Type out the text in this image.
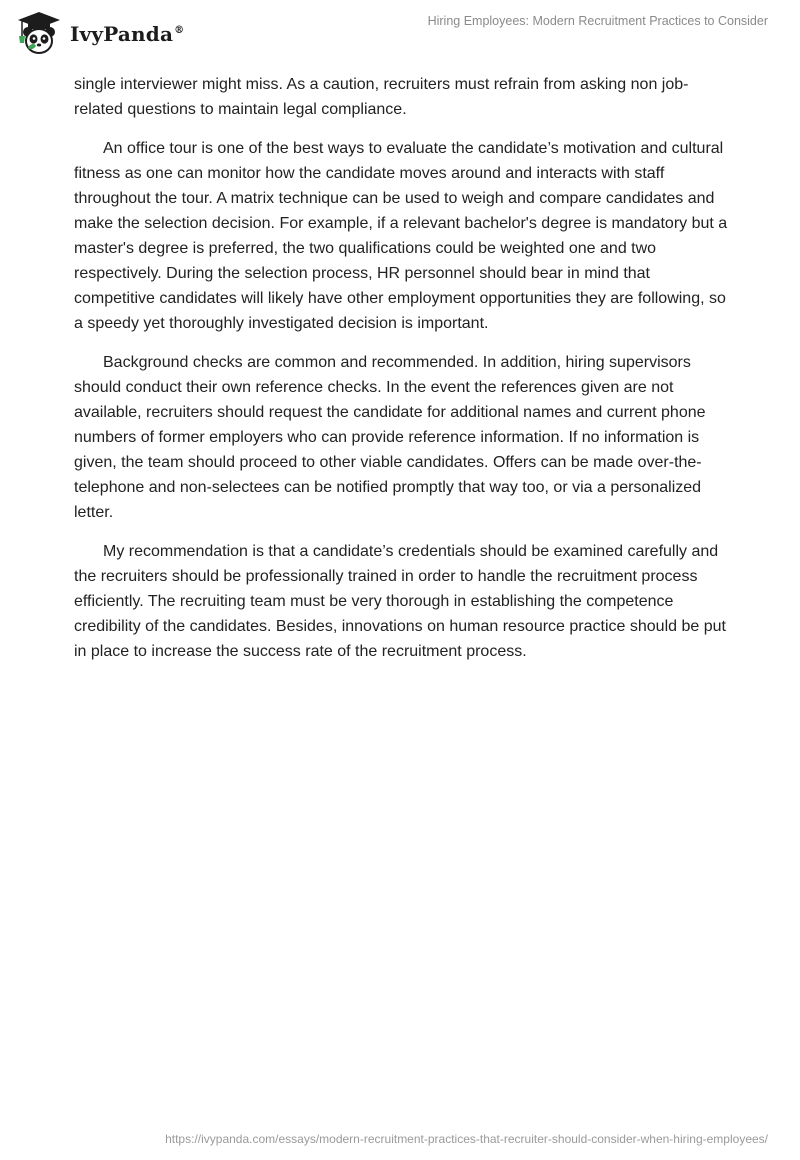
IvyPanda®
Hiring Employees: Modern Recruitment Practices to Consider

single interviewer might miss. As a caution, recruiters must refrain from asking non job-related questions to maintain legal compliance.

An office tour is one of the best ways to evaluate the candidate’s motivation and cultural fitness as one can monitor how the candidate moves around and interacts with staff throughout the tour. A matrix technique can be used to weigh and compare candidates and make the selection decision. For example, if a relevant bachelor's degree is mandatory but a master's degree is preferred, the two qualifications could be weighted one and two respectively. During the selection process, HR personnel should bear in mind that competitive candidates will likely have other employment opportunities they are following, so a speedy yet thoroughly investigated decision is important.

Background checks are common and recommended. In addition, hiring supervisors should conduct their own reference checks. In the event the references given are not available, recruiters should request the candidate for additional names and current phone numbers of former employers who can provide reference information. If no information is given, the team should proceed to other viable candidates. Offers can be made over-the-telephone and non-selectees can be notified promptly that way too, or via a personalized letter.

My recommendation is that a candidate’s credentials should be examined carefully and the recruiters should be professionally trained in order to handle the recruitment process efficiently. The recruiting team must be very thorough in establishing the competence credibility of the candidates. Besides, innovations on human resource practice should be put in place to increase the success rate of the recruitment process.

https://ivypanda.com/essays/modern-recruitment-practices-that-recruiter-should-consider-when-hiring-employees/
